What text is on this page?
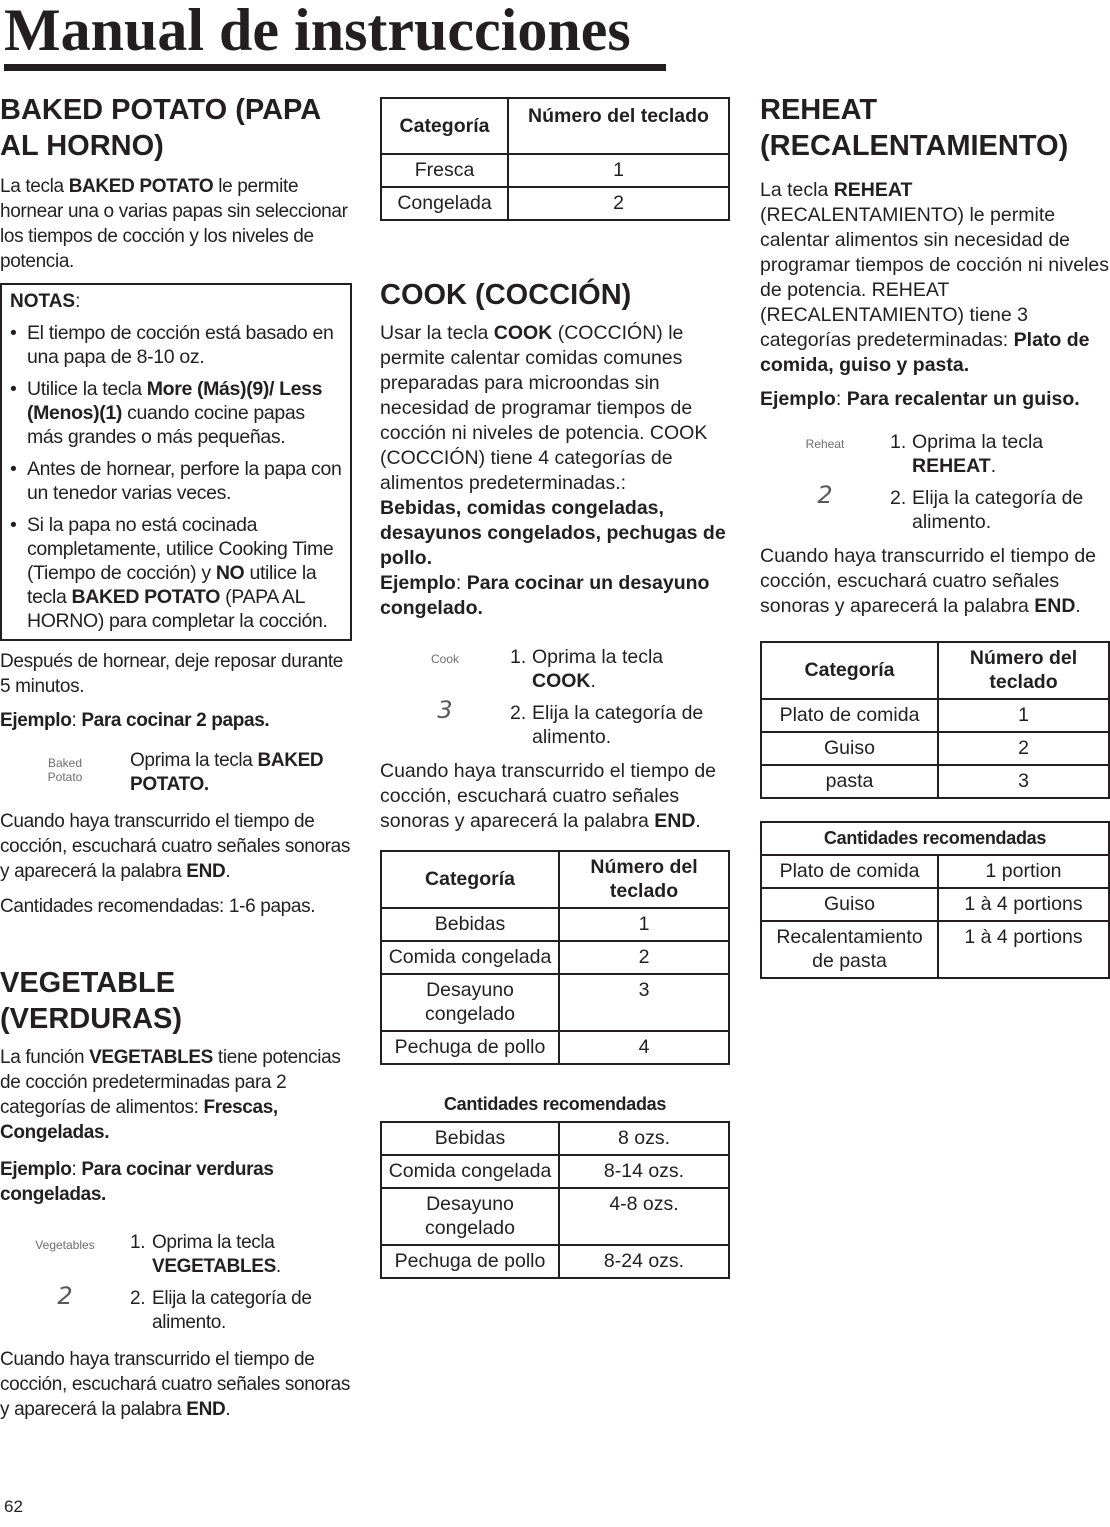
Manual de instrucciones
BAKED POTATO (PAPA AL HORNO)

La tecla BAKED POTATO le permite hornear una o varias papas sin seleccionar los tiempos de cocción y los niveles de potencia.

NOTAS:
• El tiempo de cocción está basado en una papa de 8-10 oz.
• Utilice la tecla More (Más)(9)/ Less (Menos)(1) cuando cocine papas más grandes o más pequeñas.
• Antes de hornear, perfore la papa con un tenedor varias veces.
• Si la papa no está cocinada completamente, utilice Cooking Time (Tiempo de cocción) y NO utilice la tecla BAKED POTATO (PAPA AL HORNO) para completar la cocción.

Después de hornear, deje reposar durante 5 minutos.

Ejemplo: Para cocinar 2 papas.

Baked Potato
Oprima la tecla BAKED POTATO.

Cuando haya transcurrido el tiempo de cocción, escuchará cuatro señales sonoras y aparecerá la palabra END.

Cantidades recomendadas: 1-6 papas.

VEGETABLE (VERDURAS)

La función VEGETABLES tiene potencias de cocción predeterminadas para 2 categorías de alimentos: Frescas, Congeladas.

Ejemplo: Para cocinar verduras congeladas.

Vegetables	1. Oprima la tecla
VEGETABLES.
2	2. Elija la categoría de
alimento.

Cuando haya transcurrido el tiempo de cocción, escuchará cuatro señales sonoras y aparecerá la palabra END.

Categoría	Número del teclado
Fresca	1
Congelada	2
COOK (COCCIÓN)

Usar la tecla COOK (COCCIÓN) le permite calentar comidas comunes preparadas para microondas sin necesidad de programar tiempos de cocción ni niveles de potencia. COOK (COCCIÓN) tiene 4 categorías de alimentos predeterminadas.:
Bebidas, comidas congeladas, desayunos congelados, pechugas de pollo.
Ejemplo: Para cocinar un desayuno congelado.

Cook	1. Oprima la tecla
COOK.
3	2. Elija la categoría de
alimento.

Cuando haya transcurrido el tiempo de cocción, escuchará cuatro señales sonoras y aparecerá la palabra END.

Categoría	Número del teclado
Bebidas	1
Comida congelada	2
Desayuno congelado	3
Pechuga de pollo	4
Cantidades recomendadas
Bebidas	8 ozs.
Comida congelada	8-14 ozs.
Desayuno congelado	4-8 ozs.
Pechuga de pollo	8-24 ozs.
REHEAT (RECALENTAMIENTO)

La tecla REHEAT (RECALENTAMIENTO) le permite calentar alimentos sin necesidad de programar tiempos de cocción ni niveles de potencia. REHEAT (RECALENTAMIENTO) tiene 3 categorías predeterminadas: Plato de comida, guiso y pasta.

Ejemplo: Para recalentar un guiso.

Reheat	1. Oprima la tecla
REHEAT.
2	2. Elija la categoría de
alimento.

Cuando haya transcurrido el tiempo de cocción, escuchará cuatro señales sonoras y aparecerá la palabra END.

Categoría	Número del teclado
Plato de comida	1
Guiso	2
pasta	3
Cantidades recomendadas	
Plato de comida	1 portion
Guiso	1 à 4 portions
Recalentamiento de pasta	1 à 4 portions
62
